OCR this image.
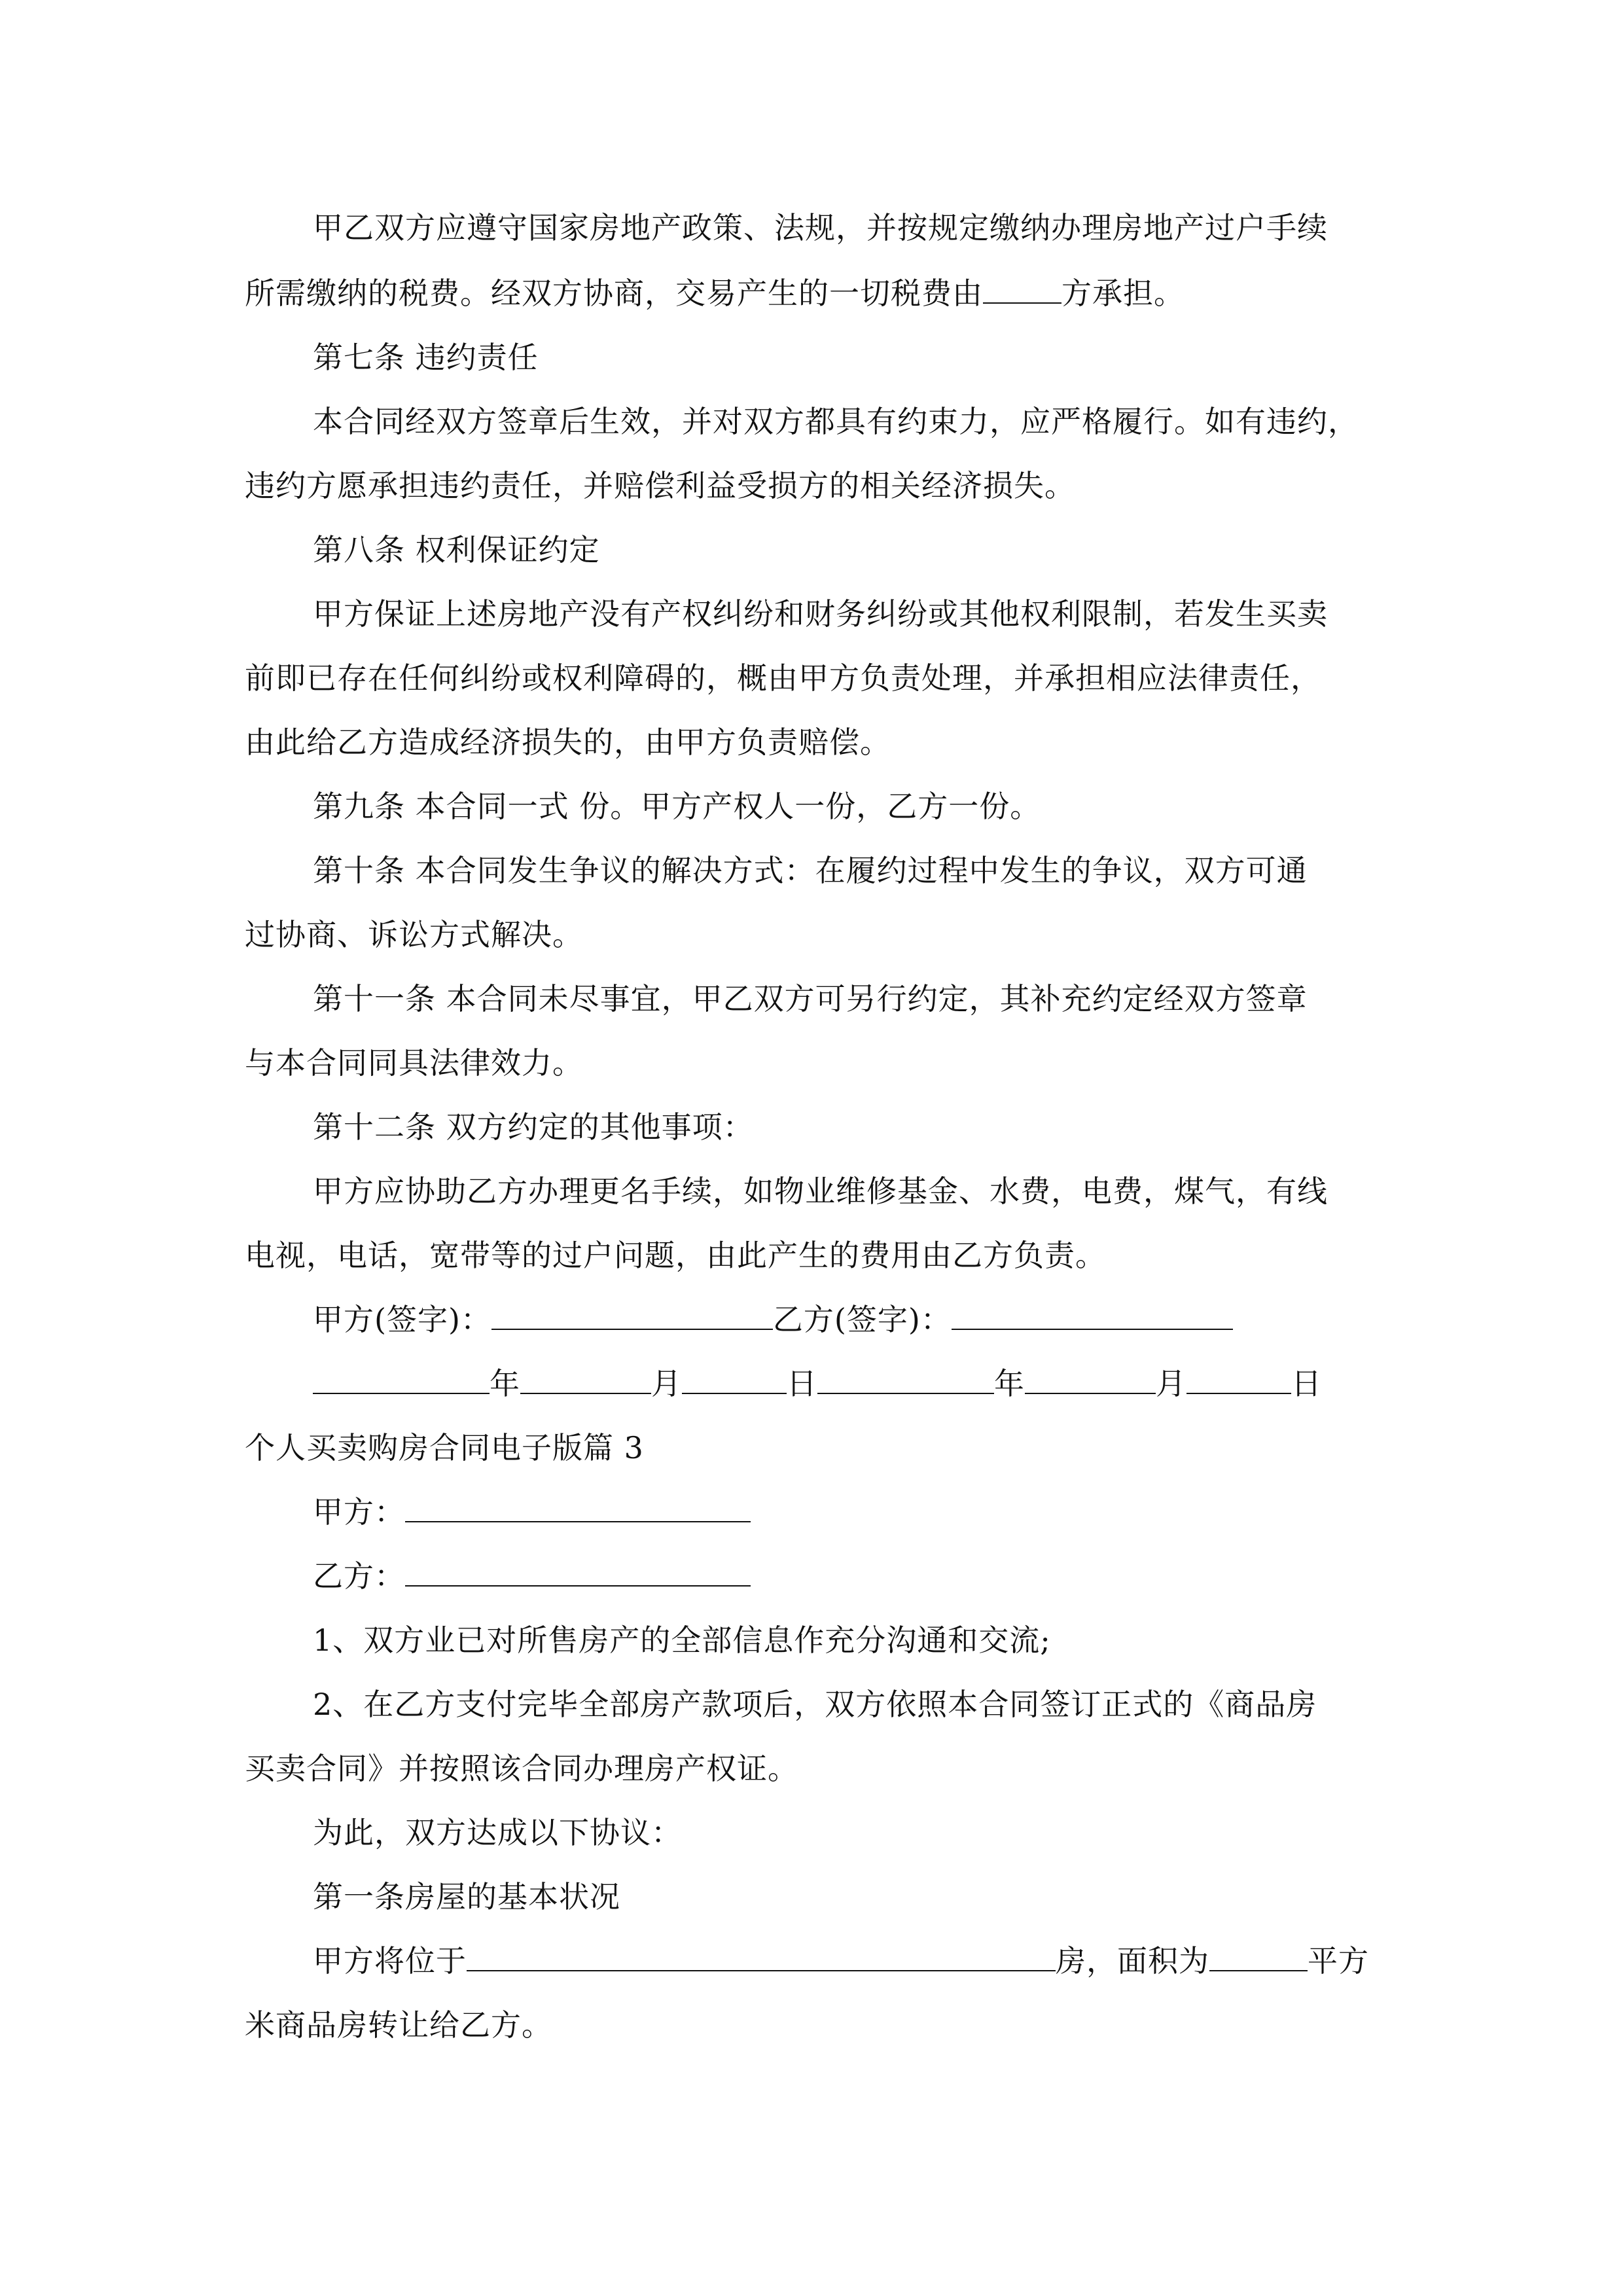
甲乙双方应遵守国家房地产政策、法规，并按规定缴纳办理房地产过户手续
所需缴纳的税费。经双方协商，交易产生的一切税费由	方承担。
第七条 违约责任
本合同经双方签章后生效，并对双方都具有约束力，应严格履行。如有违约，
违约方愿承担违约责任，并赔偿利益受损方的相关经济损失。
第八条 权利保证约定
甲方保证上述房地产没有产权纠纷和财务纠纷或其他权利限制，若发生买卖
前即已存在任何纠纷或权利障碍的，概由甲方负责处理，并承担相应法律责任，
由此给乙方造成经济损失的，由甲方负责赔偿。
第九条 本合同一式 份。甲方产权人一份，乙方一份。
第十条 本合同发生争议的解决方式：在履约过程中发生的争议，双方可通
过协商、诉讼方式解决。
第十一条 本合同未尽事宜，甲乙双方可另行约定，其补充约定经双方签章
与本合同同具法律效力。
第十二条 双方约定的其他事项：
甲方应协助乙方办理更名手续，如物业维修基金、水费，电费，煤气，有线
电视，电话，宽带等的过户问题，由此产生的费用由乙方负责。
甲方(签字)：	乙方(签字)：
年	月	日	年	月	日
个人买卖购房合同电子版篇 3
甲方：
乙方：
1、双方业已对所售房产的全部信息作充分沟通和交流;
2、在乙方支付完毕全部房产款项后，双方依照本合同签订正式的《商品房
买卖合同》并按照该合同办理房产权证。
为此，双方达成以下协议：
第一条房屋的基本状况
甲方将位于	房，面积为	平方
米商品房转让给乙方。
